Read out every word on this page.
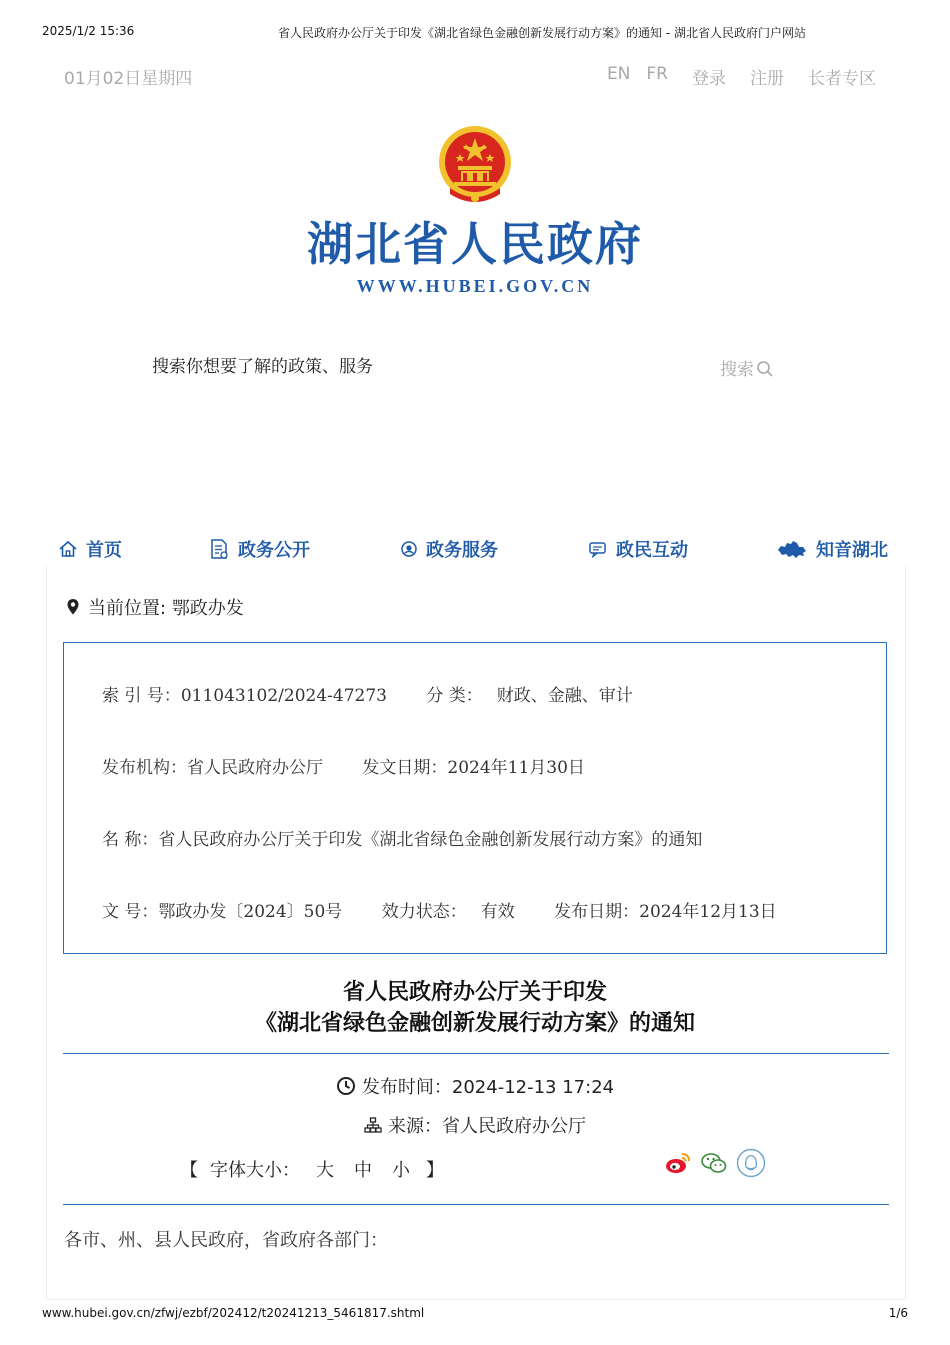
2025/1/2 15:36	省人民政府办公厅关于印发《湖北省绿色金融创新发展行动方案》的通知 - 湖北省人民政府门户网站
01月02日星期四	EN FR 登录 注册 长者专区
湖北省人民政府
WWW.HUBEI.GOV.CN
搜索你想要了解的政策、服务
搜索
首页	政务公开	政务服务	政民互动	知音湖北
当前位置: 鄂政办发
索 引 号：011043102/2024-47273 分 类： 财政、金融、审计
发布机构：省人民政府办公厅 发文日期：2024年11月30日
名 称：省人民政府办公厅关于印发《湖北省绿色金融创新发展行动方案》的通知
文 号：鄂政办发〔2024〕50号 效力状态： 有效 发布日期：2024年12月13日
省人民政府办公厅关于印发
《湖北省绿色金融创新发展行动方案》的通知
发布时间：2024-12-13 17:24
来源：省人民政府办公厅
【 字体大小： 大 中 小 】
各市、州、县人民政府，省政府各部门：
www.hubei.gov.cn/zfwj/ezbf/202412/t20241213_5461817.shtml	1/6
